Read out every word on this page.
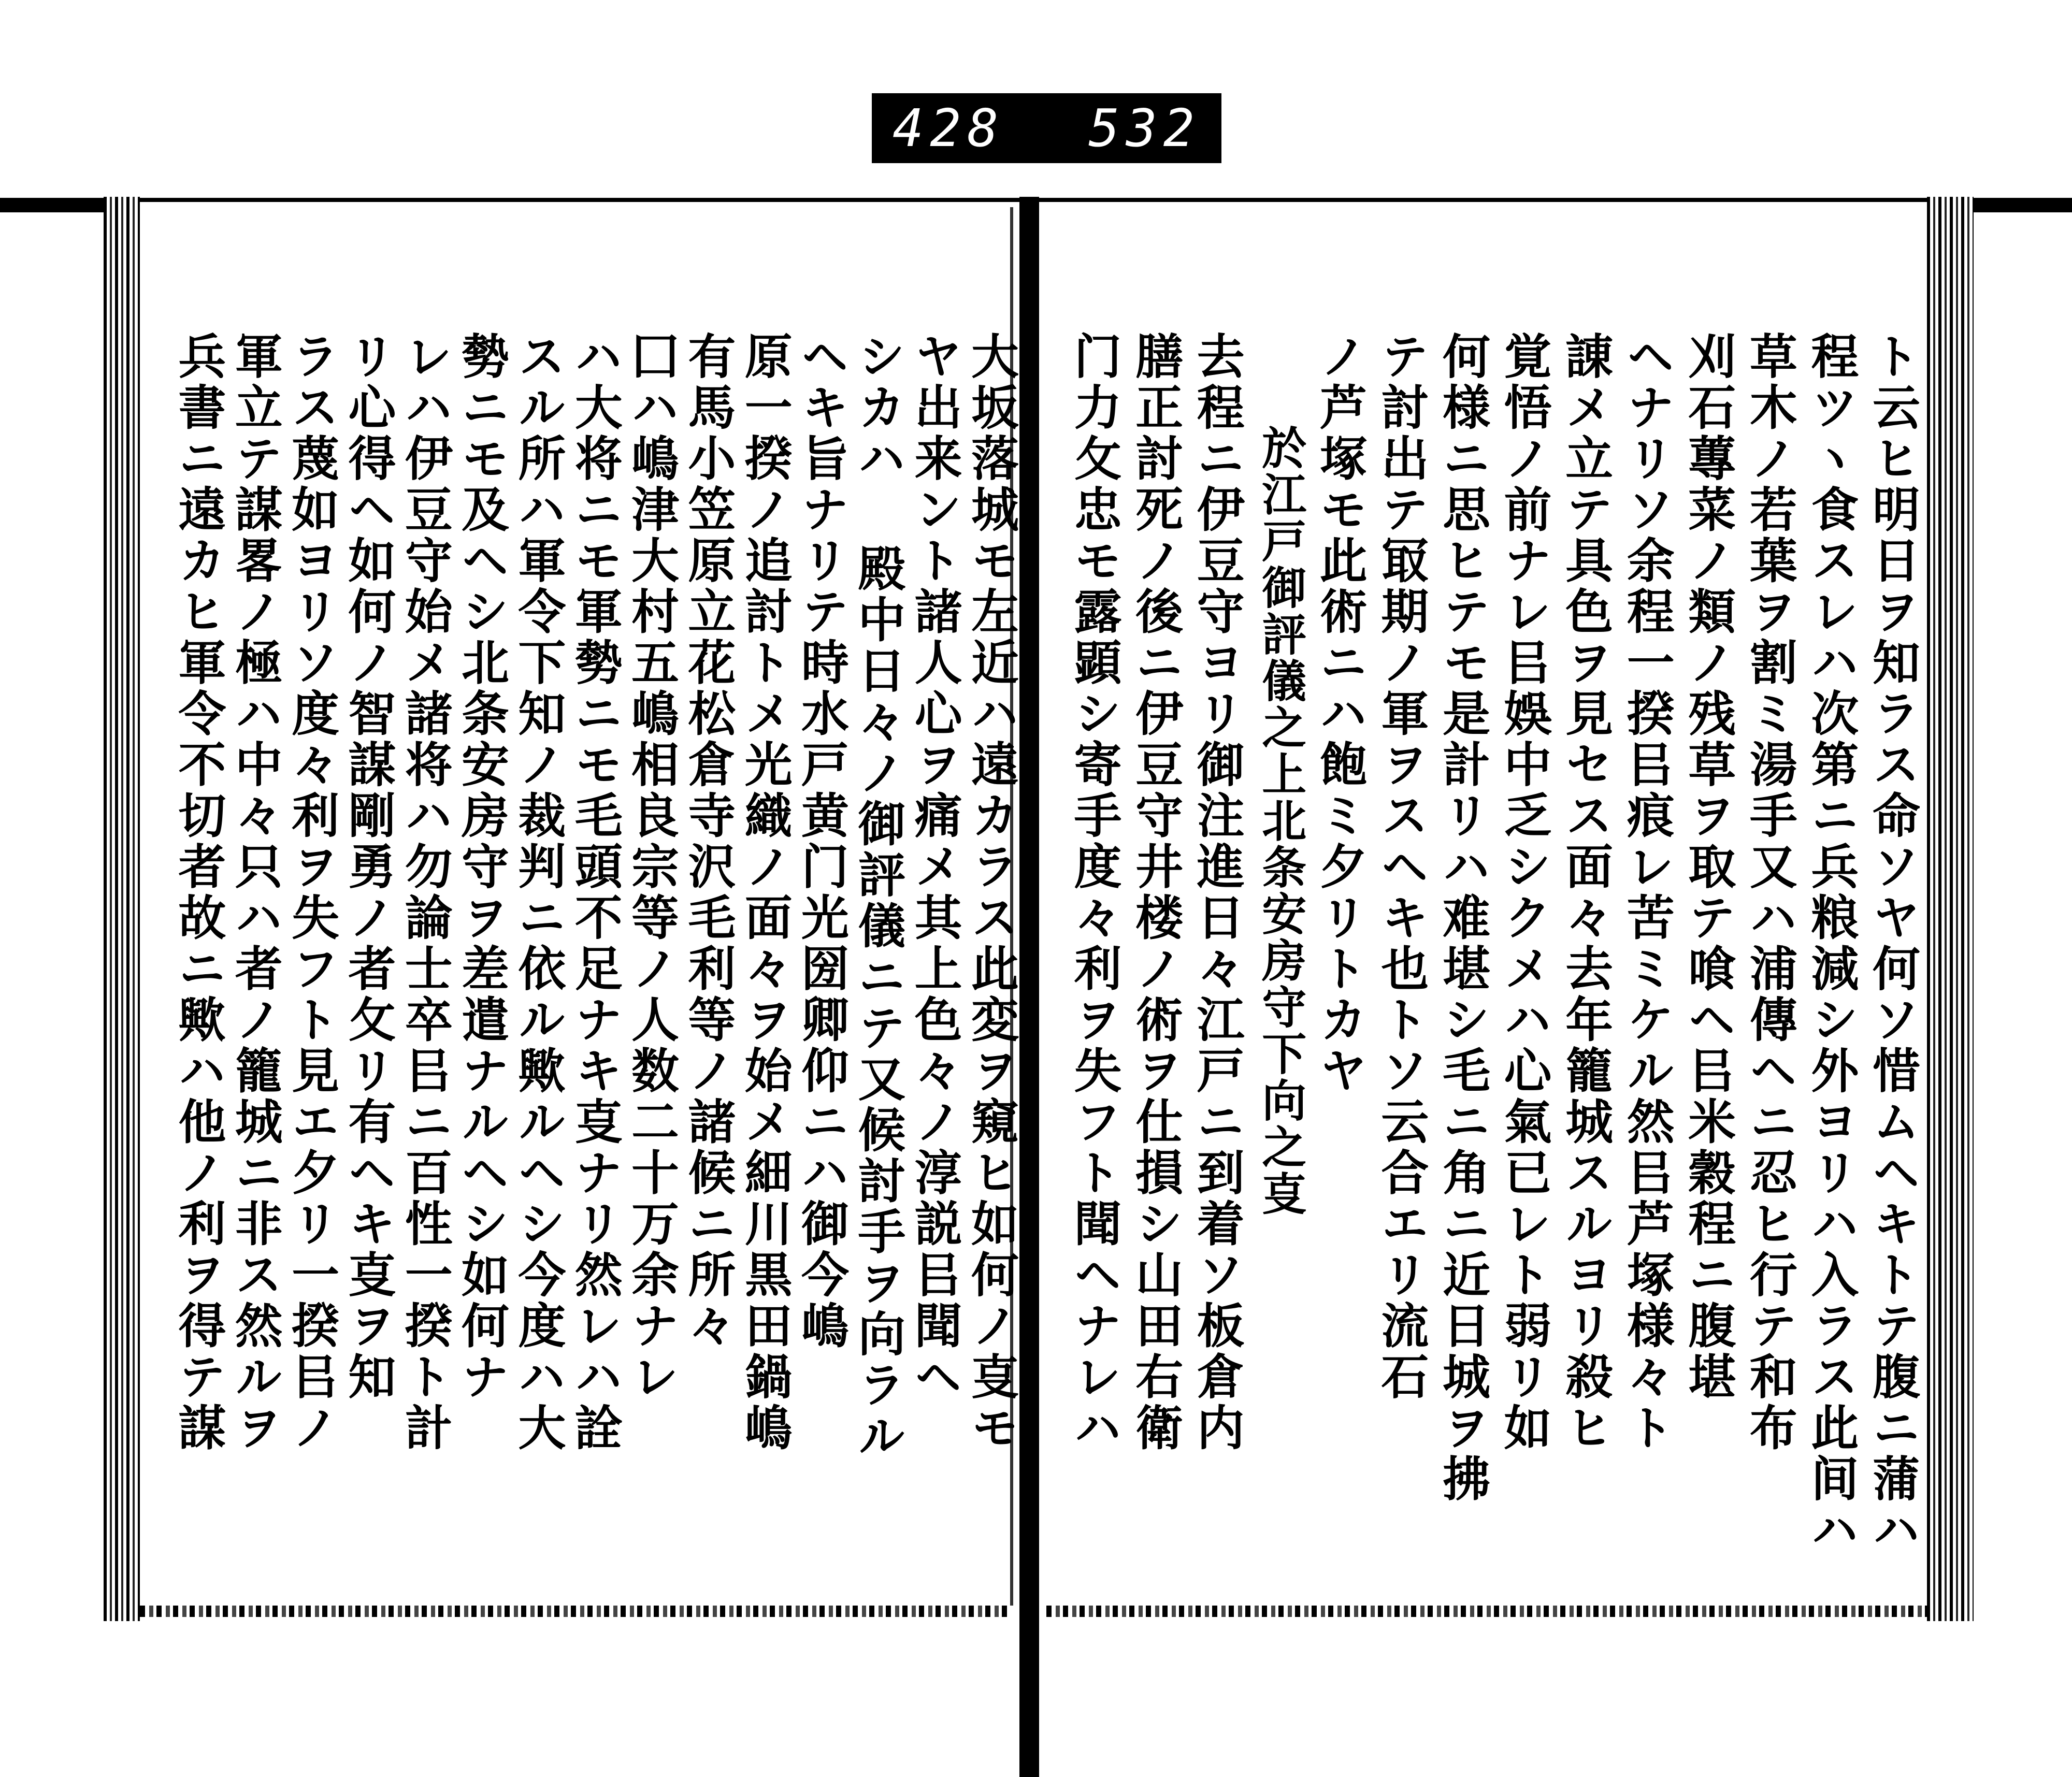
428 532
ト云ヒ明日ヲ知ラス命ソヤ何ソ惜ムヘキトテ腹ニ蒲ハ
程ツヽ食スレハ次第ニ兵粮減シ外ヨリハ入ラス此间ハ
草木ノ若葉ヲ割ミ湯手又ハ浦傳ヘニ忍ヒ行テ和布
刈石蓴菜ノ類ノ残草ヲ取テ喰ヘ㠯米穀程ニ腹堪
ヘナリソ余程一揆㠯痕レ苦ミケル然㠯芦塚様々ト
諌メ立テ具色ヲ見セス面々去年籠城スルヨリ殺ヒ
覚悟ノ前ナレ㠯娛中乏シクメハ心氣已レト弱リ如
何様ニ思ヒテモ是計リハ难堪シ毛ニ角ニ近日城ヲ拂
テ討出テ冣期ノ軍ヲスヘキ也トソ云合エリ流石
ノ芦塚モ此術ニハ飽ミ夕リトカヤ
於江戸御評儀之上北条安房守下向之㕝
去程ニ伊豆守ヨリ御注進日々江戸ニ到着ソ板倉内
膳正討死ノ後ニ伊豆守井楼ノ術ヲ仕損シ山田右衛
门力攵忠モ露顕シ寄手度々利ヲ失フト聞ヘナレハ
大坂落城モ左近ハ遠カラス此変ヲ窺ヒ如何ノ㕝モ
ヤ出来ント諸人心ヲ痛メ其上色々ノ淳説㠯聞ヘ
シカハ 殿中日々ノ御評儀ニテ又候討手ヲ向ラル
ヘキ旨ナリテ時水戸黄门光圀卿仰ニハ御今嶋
原一揆ノ追討トメ光織ノ面々ヲ始メ細川黒田鍋嶋
有馬小笠原立花松倉寺沢毛利等ノ諸候ニ所々
囗ハ嶋津大村五嶋相良宗等ノ人数二十万余ナレ
ハ大将ニモ軍勢ニモ毛頭不足ナキ㕝ナリ然レハ詮
スル所ハ軍令下知ノ裁判ニ依ル歟ルヘシ今度ハ大
勢ニモ及ヘシ北条安房守ヲ差遣ナルヘシ如何ナ
レハ伊豆守始メ諸将ハ勿論士卒㠯ニ百性一揆ト計
リ心得ヘ如何ノ智謀剛勇ノ者攵リ有ヘキ㕝ヲ知
ラス蔑如ヨリソ度々利ヲ失フト見エ夕リ一揆㠯ノ
軍立テ謀畧ノ極ハ中々只ハ者ノ籠城ニ非ス然ルヲ
兵書ニ遠カヒ軍令不切者故ニ歟ハ他ノ利ヲ得テ謀
